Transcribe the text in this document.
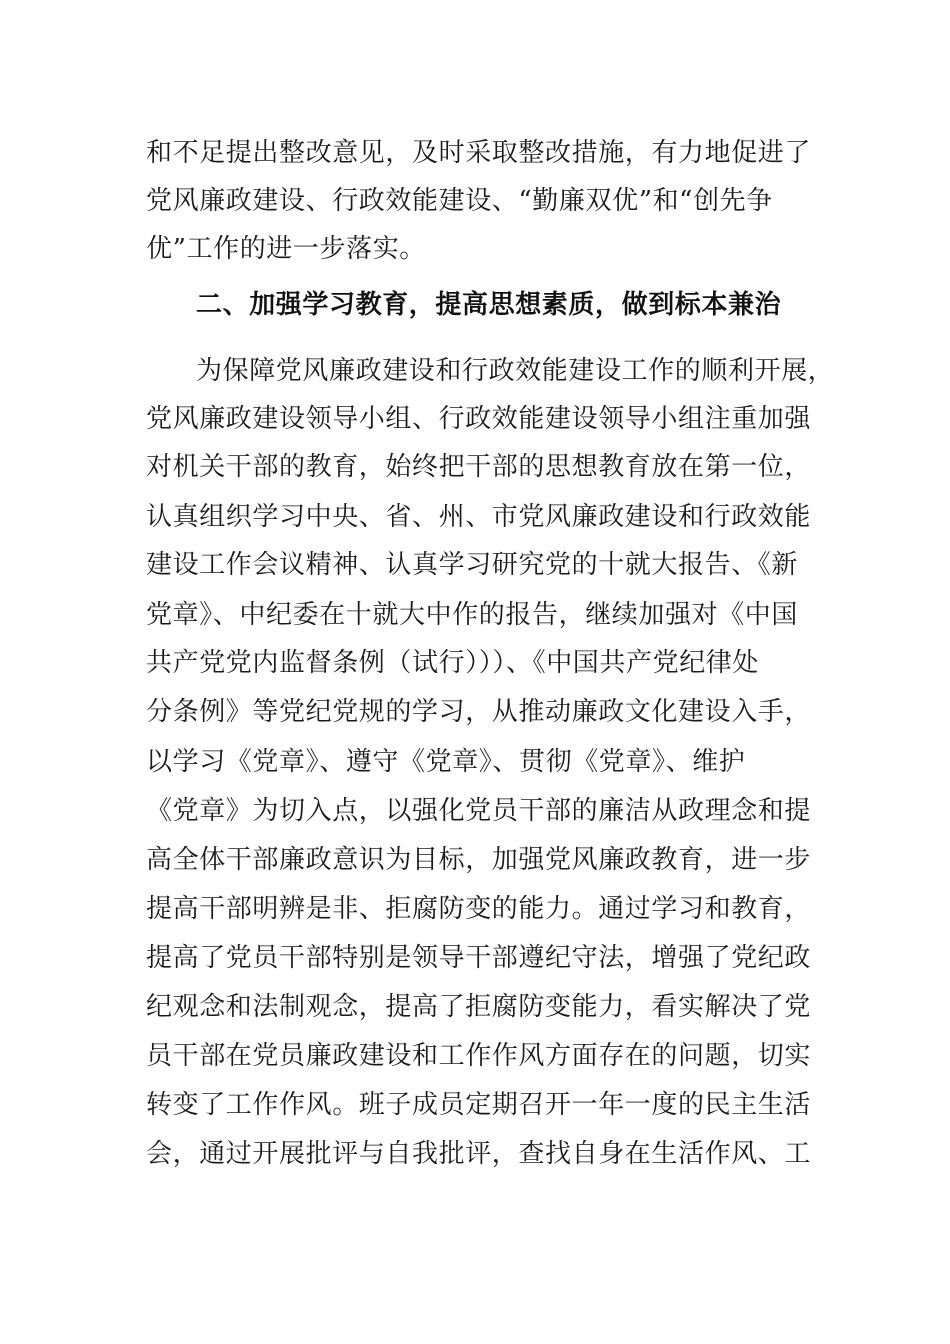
和不足提出整改意见，及时采取整改措施，有力地促进了
党风廉政建设、行政效能建设、“勤廉双优”和“创先争
优”工作的进一步落实。
二、加强学习教育，提高思想素质，做到标本兼治
为保障党风廉政建设和行政效能建设工作的顺利开展，
党风廉政建设领导小组、行政效能建设领导小组注重加强
对机关干部的教育，始终把干部的思想教育放在第一位，
认真组织学习中央、省、州、市党风廉政建设和行政效能
建设工作会议精神、认真学习研究党的十就大报告、《新
党章》、中纪委在十就大中作的报告，继续加强对《中国
共产党党内监督条例（试行）））、《中国共产党纪律处
分条例》等党纪党规的学习，从推动廉政文化建设入手，
以学习《党章》、遵守《党章》、贯彻《党章》、维护
《党章》为切入点，以强化党员干部的廉洁从政理念和提
高全体干部廉政意识为目标，加强党风廉政教育，进一步
提高干部明辨是非、拒腐防变的能力。通过学习和教育，
提高了党员干部特别是领导干部遵纪守法，增强了党纪政
纪观念和法制观念，提高了拒腐防变能力，看实解决了党
员干部在党员廉政建设和工作作风方面存在的问题，切实
转变了工作作风。班子成员定期召开一年一度的民主生活
会，通过开展批评与自我批评，查找自身在生活作风、工
